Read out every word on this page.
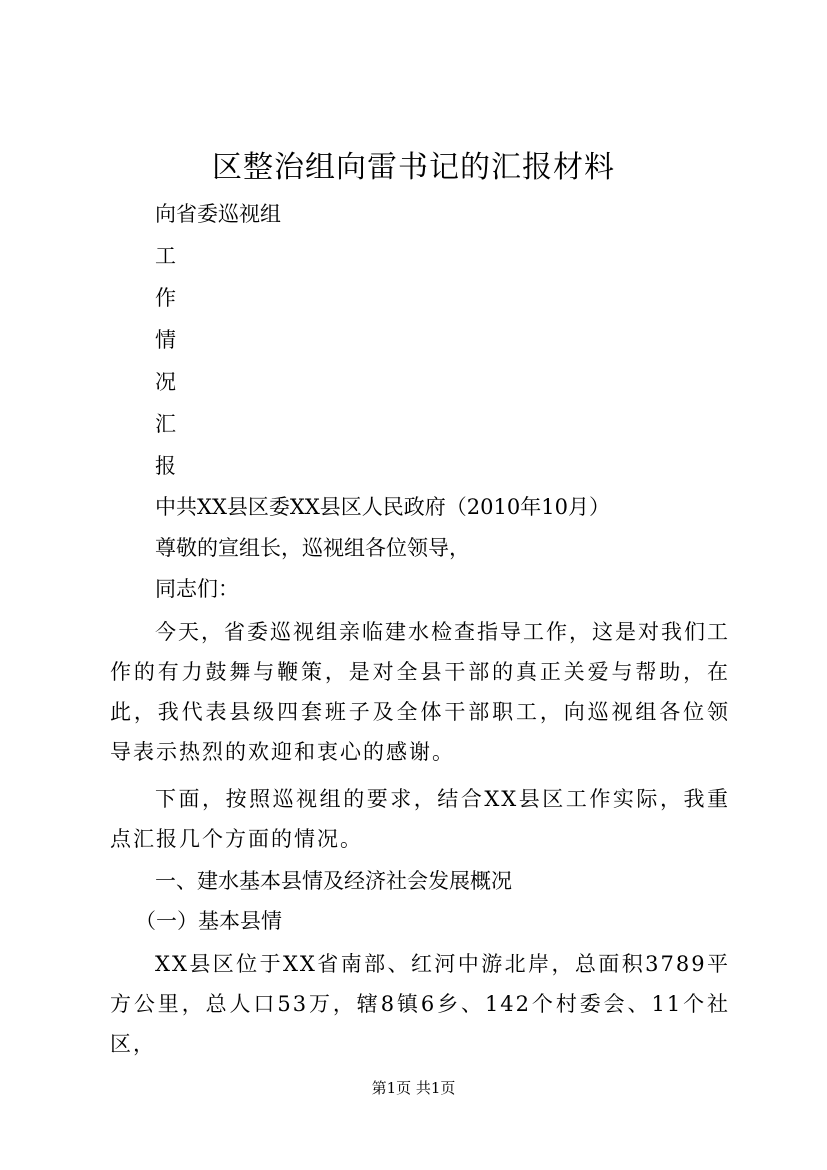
区整治组向雷书记的汇报材料
向省委巡视组
工
作
情
况
汇
报
中共XX县区委XX县区人民政府（2010年10月）
尊敬的宣组长，巡视组各位领导，
同志们：
今天，省委巡视组亲临建水检查指导工作，这是对我们工作的有力鼓舞与鞭策，是对全县干部的真正关爱与帮助，在此，我代表县级四套班子及全体干部职工，向巡视组各位领导表示热烈的欢迎和衷心的感谢。
下面，按照巡视组的要求，结合XX县区工作实际，我重点汇报几个方面的情况。
一、建水基本县情及经济社会发展概况
（一）基本县情
XX县区位于XX省南部、红河中游北岸，总面积3789平方公里，总人口53万，辖8镇6乡、142个村委会、11个社区，
第1页 共1页
